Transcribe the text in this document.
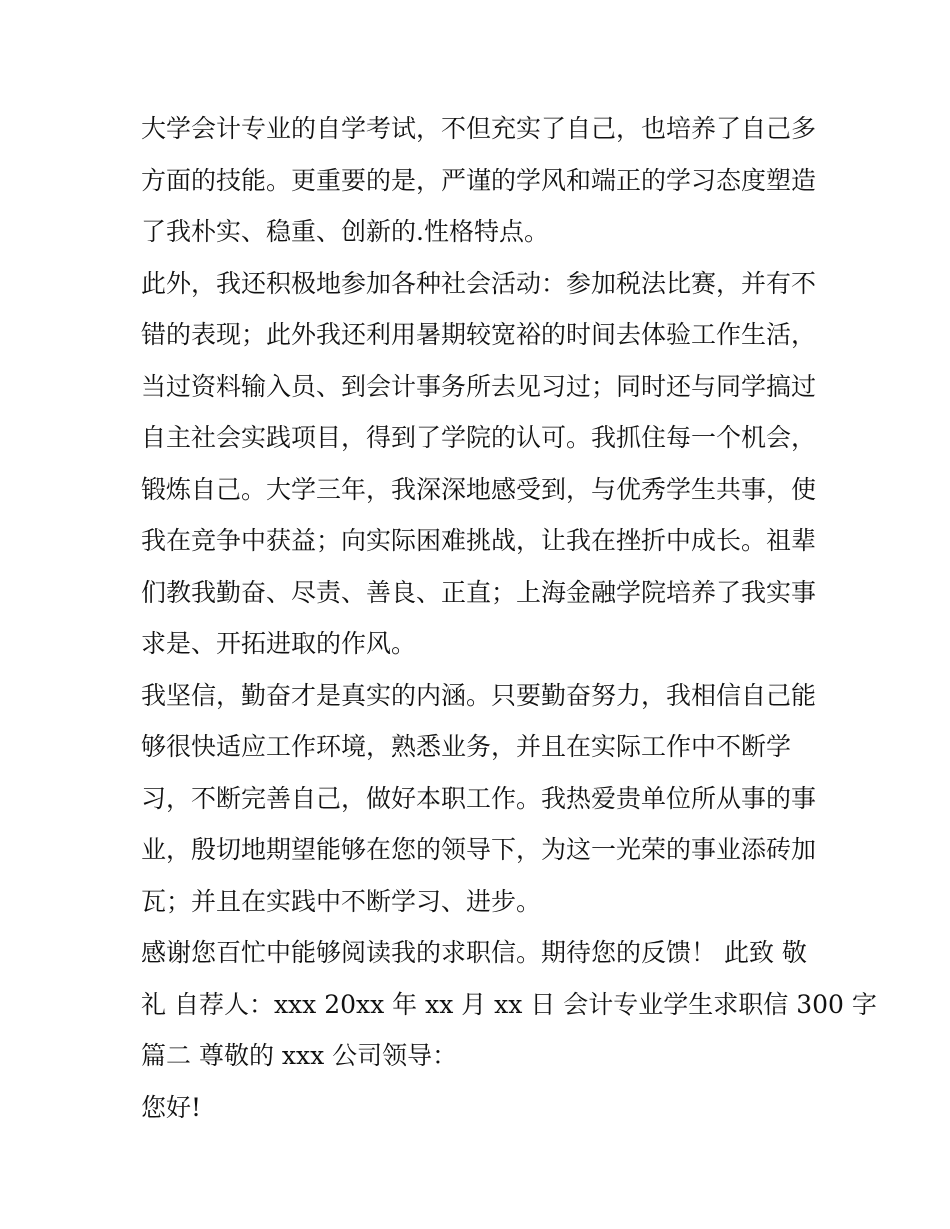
大学会计专业的自学考试，不但充实了自己，也培养了自己多
方面的技能。更重要的是，严谨的学风和端正的学习态度塑造
了我朴实、稳重、创新的.性格特点。
此外，我还积极地参加各种社会活动：参加税法比赛，并有不
错的表现；此外我还利用暑期较宽裕的时间去体验工作生活，
当过资料输入员、到会计事务所去见习过；同时还与同学搞过
自主社会实践项目，得到了学院的认可。我抓住每一个机会，
锻炼自己。大学三年，我深深地感受到，与优秀学生共事，使
我在竞争中获益；向实际困难挑战，让我在挫折中成长。祖辈
们教我勤奋、尽责、善良、正直；上海金融学院培养了我实事
求是、开拓进取的作风。
我坚信，勤奋才是真实的内涵。只要勤奋努力，我相信自己能
够很快适应工作环境，熟悉业务，并且在实际工作中不断学
习，不断完善自己，做好本职工作。我热爱贵单位所从事的事
业，殷切地期望能够在您的领导下，为这一光荣的事业添砖加
瓦；并且在实践中不断学习、进步。
感谢您百忙中能够阅读我的求职信。期待您的反馈！ 此致 敬
礼 自荐人：xxx 20xx 年 xx 月 xx 日 会计专业学生求职信 300 字
篇二 尊敬的 xxx 公司领导：
您好!
